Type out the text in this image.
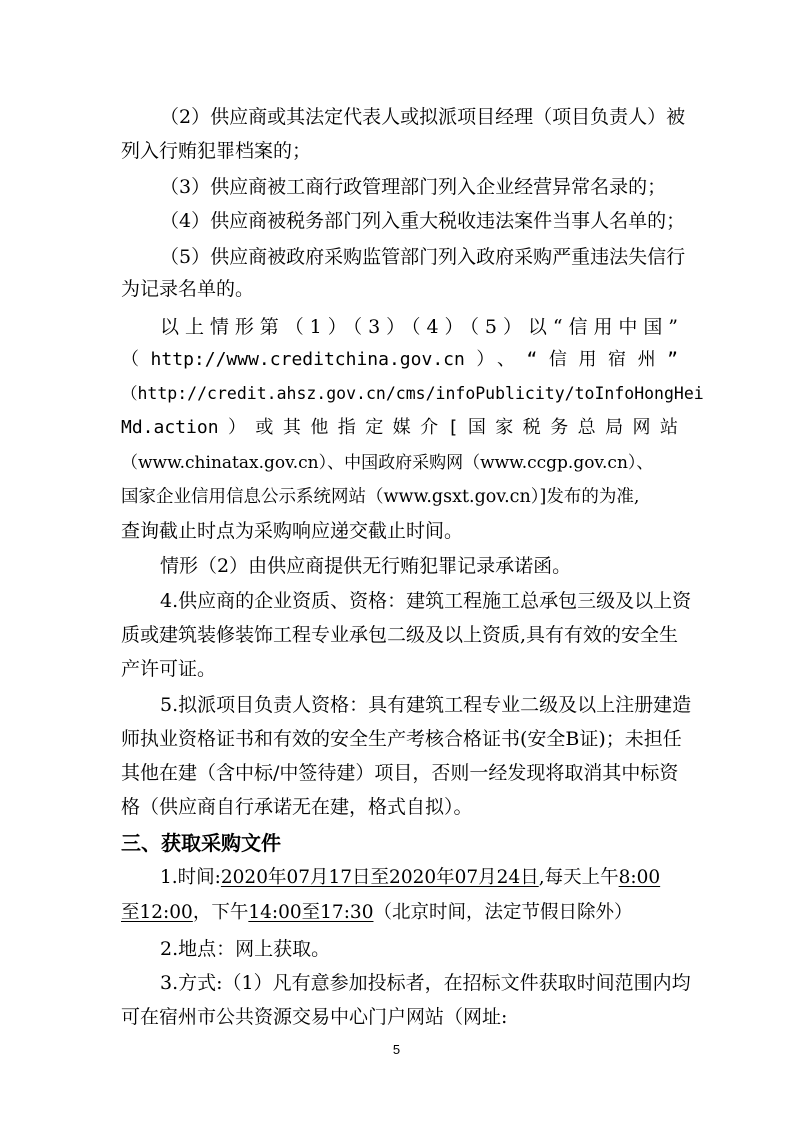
（2）供应商或其法定代表人或拟派项目经理（项目负责人）被
列入行贿犯罪档案的；
（3）供应商被工商行政管理部门列入企业经营异常名录的；
（4）供应商被税务部门列入重大税收违法案件当事人名单的；
（5）供应商被政府采购监管部门列入政府采购严重违法失信行
为记录名单的。
以上情形第（1）（3）（4）（5）以“信用中国”
（http://www.creditchina.gov.cn）、“信用宿州”
（http://credit.ahsz.gov.cn/cms/infoPublicity/toInfoHongHei
Md.action）或其他指定媒介[国家税务总局网站
（www.chinatax.gov.cn）、中国政府采购网（www.ccgp.gov.cn）、
国家企业信用信息公示系统网站（www.gsxt.gov.cn）]发布的为准,
查询截止时点为采购响应递交截止时间。
情形（2）由供应商提供无行贿犯罪记录承诺函。
4.供应商的企业资质、资格：建筑工程施工总承包三级及以上资
质或建筑装修装饰工程专业承包二级及以上资质,具有有效的安全生
产许可证。
5.拟派项目负责人资格：具有建筑工程专业二级及以上注册建造
师执业资格证书和有效的安全生产考核合格证书(安全B证)；未担任
其他在建（含中标/中签待建）项目，否则一经发现将取消其中标资
格（供应商自行承诺无在建，格式自拟）。
三、获取采购文件
1.时间:2020年07月17日至2020年07月24日,每天上午8:00
至12:00，下午14:00至17:30（北京时间，法定节假日除外）
2.地点：网上获取。
3.方式:（1）凡有意参加投标者，在招标文件获取时间范围内均
可在宿州市公共资源交易中心门户网站（网址:
5
